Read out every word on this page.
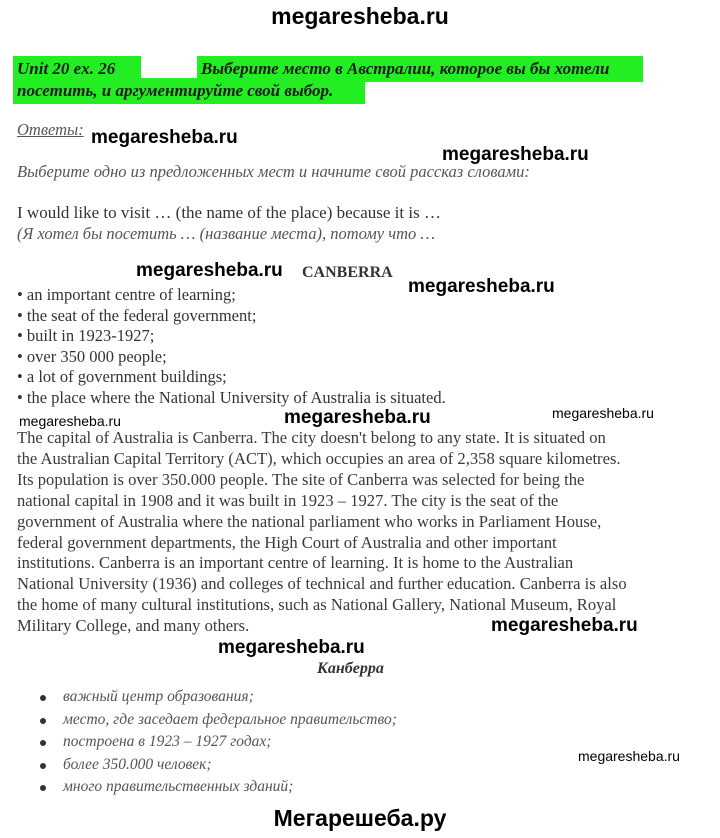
megaresheba.ru
Unit 20 ex. 26	Выберите место в Австралии, которое вы бы хотели
посетить, и аргументируйте свой выбор.
Ответы: megaresheba.ru
megaresheba.ru
Выберите одно из предложенных мест и начните свой рассказ словами:
I would like to visit … (the name of the place) because it is …
(Я хотел бы посетить … (название места), потому что …
megaresheba.ru CANBERRA
megaresheba.ru
• an important centre of learning;
• the seat of the federal government;
• built in 1923-1927;
• over 350 000 people;
• a lot of government buildings;
• the place where the National University of Australia is situated.
megaresheba.ru	megaresheba.ru	megaresheba.ru
The capital of Australia is Canberra. The city doesn't belong to any state. It is situated on
the Australian Capital Territory (ACT), which occupies an area of 2,358 square kilometres.
Its population is over 350.000 people. The site of Canberra was selected for being the
national capital in 1908 and it was built in 1923 – 1927. The city is the seat of the
government of Australia where the national parliament who works in Parliament House,
federal government departments, the High Court of Australia and other important
institutions. Canberra is an important centre of learning. It is home to the Australian
National University (1936) and colleges of technical and further education. Canberra is also
the home of many cultural institutions, such as National Gallery, National Museum, Royal
Military College, and many others.	megaresheba.ru
megaresheba.ru
Канберра
важный центр образования;
место, где заседает федеральное правительство;
построена в 1923 – 1927 годах;
более 350.000 человек;
много правительственных зданий;
megaresheba.ru
Мегарешеба.ру
